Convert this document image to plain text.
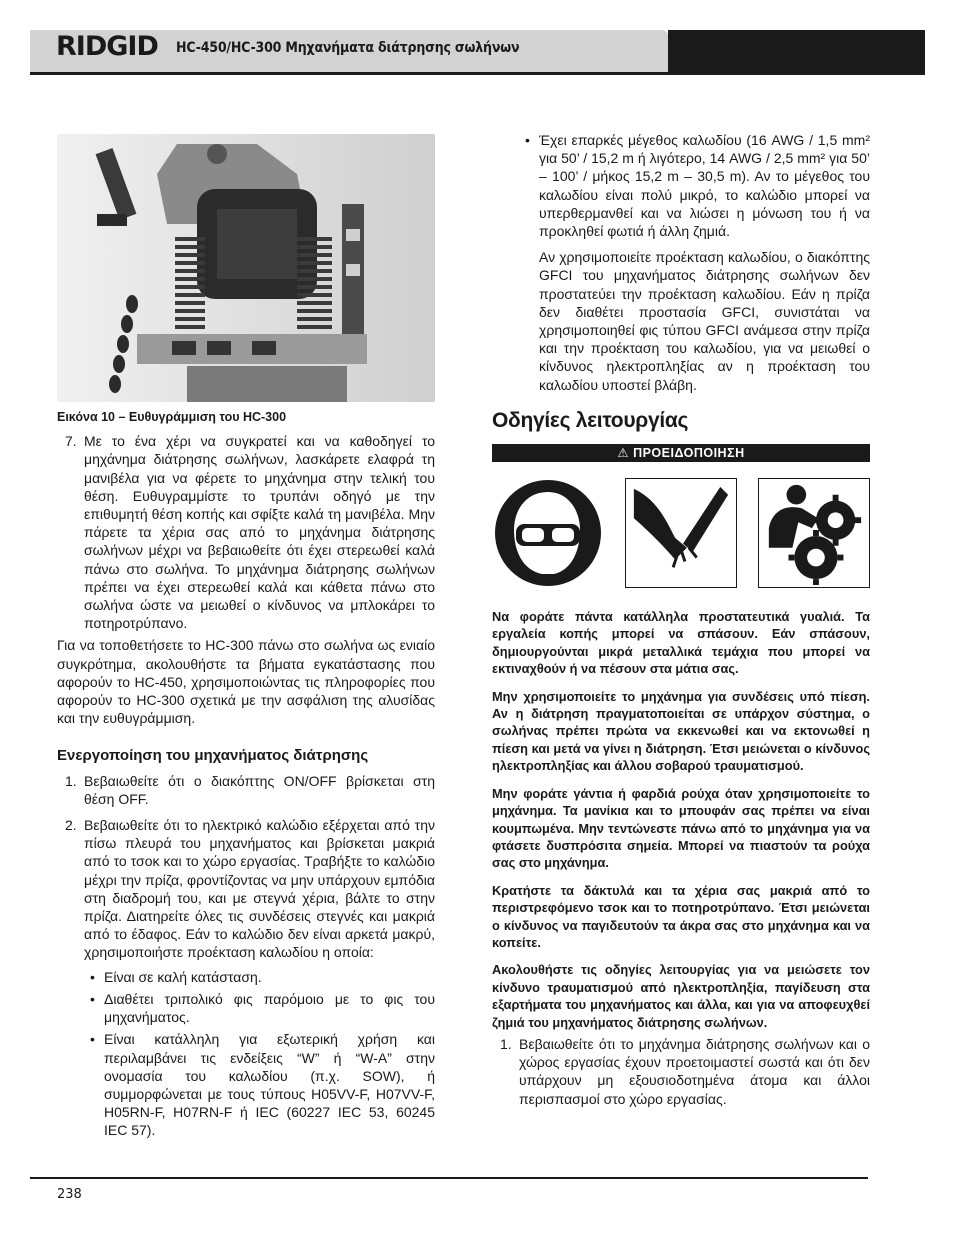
RIDGID	HC-450/HC-300 Μηχανήματα διάτρησης σωλήνων
Εικόνα 10 – Ευθυγράμμιση του HC-300
7. Με το ένα χέρι να συγκρατεί και να καθοδηγεί το μηχάνημα διάτρησης σωλήνων, λασκάρετε ελαφρά τη μανιβέλα για να φέρετε το μηχάνημα στην τελική του θέση. Ευθυγραμμίστε το τρυπάνι οδηγό με την επιθυμητή θέση κοπής και σφίξτε καλά τη μανιβέλα. Μην πάρετε τα χέρια σας από το μηχάνημα διάτρησης σωλήνων μέχρι να βεβαιωθείτε ότι έχει στερεωθεί καλά πάνω στο σωλήνα. Το μηχάνημα διάτρησης σωλήνων πρέπει να έχει στερεωθεί καλά και κάθετα πάνω στο σωλήνα ώστε να μειωθεί ο κίνδυνος να μπλοκάρει το ποτηροτρύπανο.

Για να τοποθετήσετε το HC-300 πάνω στο σωλήνα ως ενιαίο συγκρότημα, ακολουθήστε τα βήματα εγκατάστασης που αφορούν το HC-450, χρησιμοποιώντας τις πληροφορίες που αφορούν το HC-300 σχετικά με την ασφάλιση της αλυσίδας και την ευθυγράμμιση.

Ενεργοποίηση του μηχανήματος διάτρησης
1. Βεβαιωθείτε ότι ο διακόπτης ON/OFF βρίσκεται στη θέση OFF.
2. Βεβαιωθείτε ότι το ηλεκτρικό καλώδιο εξέρχεται από την πίσω πλευρά του μηχανήματος και βρίσκεται μακριά από το τσοκ και το χώρο εργασίας. Τραβήξτε το καλώδιο μέχρι την πρίζα, φροντίζοντας να μην υπάρχουν εμπόδια στη διαδρομή του, και με στεγνά χέρια, βάλτε το στην πρίζα. Διατηρείτε όλες τις συνδέσεις στεγνές και μακριά από το έδαφος. Εάν το καλώδιο δεν είναι αρκετά μακρύ, χρησιμοποιήστε προέκταση καλωδίου η οποία:
• Είναι σε καλή κατάσταση.
• Διαθέτει τριπολικό φις παρόμοιο με το φις του μηχανήματος.
• Είναι κατάλληλη για εξωτερική χρήση και περιλαμβάνει τις ενδείξεις “W” ή “W-A” στην ονομασία του καλωδίου (π.χ. SOW), ή συμμορφώνεται με τους τύπους H05VV-F, H07VV-F, H05RN-F, H07RN-F ή IEC (60227 IEC 53, 60245 IEC 57).
• Έχει επαρκές μέγεθος καλωδίου (16 AWG / 1,5 mm² για 50’ / 15,2 m ή λιγότερο, 14 AWG / 2,5 mm² για 50’ – 100’ / μήκος 15,2 m – 30,5 m). Αν το μέγεθος του καλωδίου είναι πολύ μικρό, το καλώδιο μπορεί να υπερθερμανθεί και να λιώσει η μόνωση του ή να προκληθεί φωτιά ή άλλη ζημιά.

Αν χρησιμοποιείτε προέκταση καλωδίου, ο διακόπτης GFCI του μηχανήματος διάτρησης σωλήνων δεν προστατεύει την προέκταση καλωδίου. Εάν η πρίζα δεν διαθέτει προστασία GFCI, συνιστάται να χρησιμοποιηθεί φις τύπου GFCI ανάμεσα στην πρίζα και την προέκταση του καλωδίου, για να μειωθεί ο κίνδυνος ηλεκτροπληξίας αν η προέκταση του καλωδίου υποστεί βλάβη.

Οδηγίες λειτουργίας
⚠ ΠΡΟΕΙΔΟΠΟΙΗΣΗ
Να φοράτε πάντα κατάλληλα προστατευτικά γυαλιά. Τα εργαλεία κοπής μπορεί να σπάσουν. Εάν σπάσουν, δημιουργούνται μικρά μεταλλικά τεμάχια που μπορεί να εκτιναχθούν ή να πέσουν στα μάτια σας.
Μην χρησιμοποιείτε το μηχάνημα για συνδέσεις υπό πίεση. Αν η διάτρηση πραγματοποιείται σε υπάρχον σύστημα, ο σωλήνας πρέπει πρώτα να εκκενωθεί και να εκτονωθεί η πίεση και μετά να γίνει η διάτρηση. Έτσι μειώνεται ο κίνδυνος ηλεκτροπληξίας και άλλου σοβαρού τραυματισμού.
Μην φοράτε γάντια ή φαρδιά ρούχα όταν χρησιμοποιείτε το μηχάνημα. Τα μανίκια και το μπουφάν σας πρέπει να είναι κουμπωμένα. Μην τεντώνεστε πάνω από το μηχάνημα για να φτάσετε δυσπρόσιτα σημεία. Μπορεί να πιαστούν τα ρούχα σας στο μηχάνημα.
Κρατήστε τα δάκτυλά και τα χέρια σας μακριά από το περιστρεφόμενο τσοκ και το ποτηροτρύπανο. Έτσι μειώνεται ο κίνδυνος να παγιδευτούν τα άκρα σας στο μηχάνημα και να κοπείτε.
Ακολουθήστε τις οδηγίες λειτουργίας για να μειώσετε τον κίνδυνο τραυματισμού από ηλεκτροπληξία, παγίδευση στα εξαρτήματα του μηχανήματος και άλλα, και για να αποφευχθεί ζημιά του μηχανήματος διάτρησης σωλήνων.
1. Βεβαιωθείτε ότι το μηχάνημα διάτρησης σωλήνων και ο χώρος εργασίας έχουν προετοιμαστεί σωστά και ότι δεν υπάρχουν μη εξουσιοδοτημένα άτομα και άλλοι περισπασμοί στο χώρο εργασίας.
238
